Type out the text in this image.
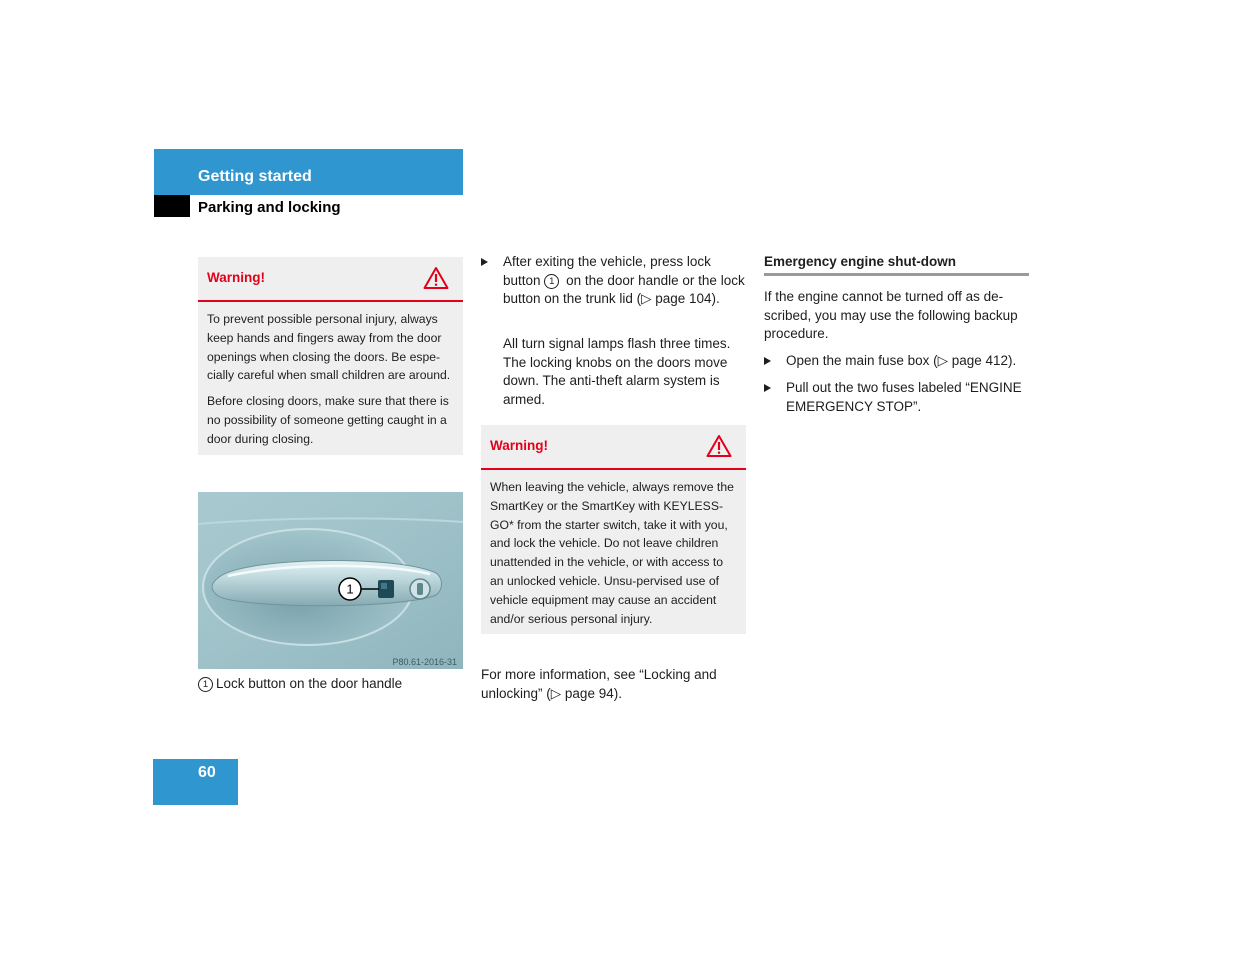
Getting started
Parking and locking
Warning!

To prevent possible personal injury, always keep hands and fingers away from the door openings when closing the doors. Be espe-cially careful when small children are around.

Before closing doors, make sure that there is no possibility of someone getting caught in a door during closing.

1
P80.61-2016-31
1 Lock button on the door handle
After exiting the vehicle, press lock button 1 on the door handle or the lock button on the trunk lid (▷ page 104).
All turn signal lamps flash three times. The locking knobs on the doors move down. The anti-theft alarm system is armed.
Warning!

When leaving the vehicle, always remove the SmartKey or the SmartKey with KEYLESS-GO* from the starter switch, take it with you, and lock the vehicle. Do not leave children unattended in the vehicle, or with access to an unlocked vehicle. Unsu-pervised use of vehicle equipment may cause an accident and/or serious personal injury.

For more information, see “Locking and unlocking” (▷ page 94).
Emergency engine shut-down
If the engine cannot be turned off as de-scribed, you may use the following backup procedure.
Open the main fuse box (▷ page 412).
Pull out the two fuses labeled “ENGINE EMERGENCY STOP”.
60
